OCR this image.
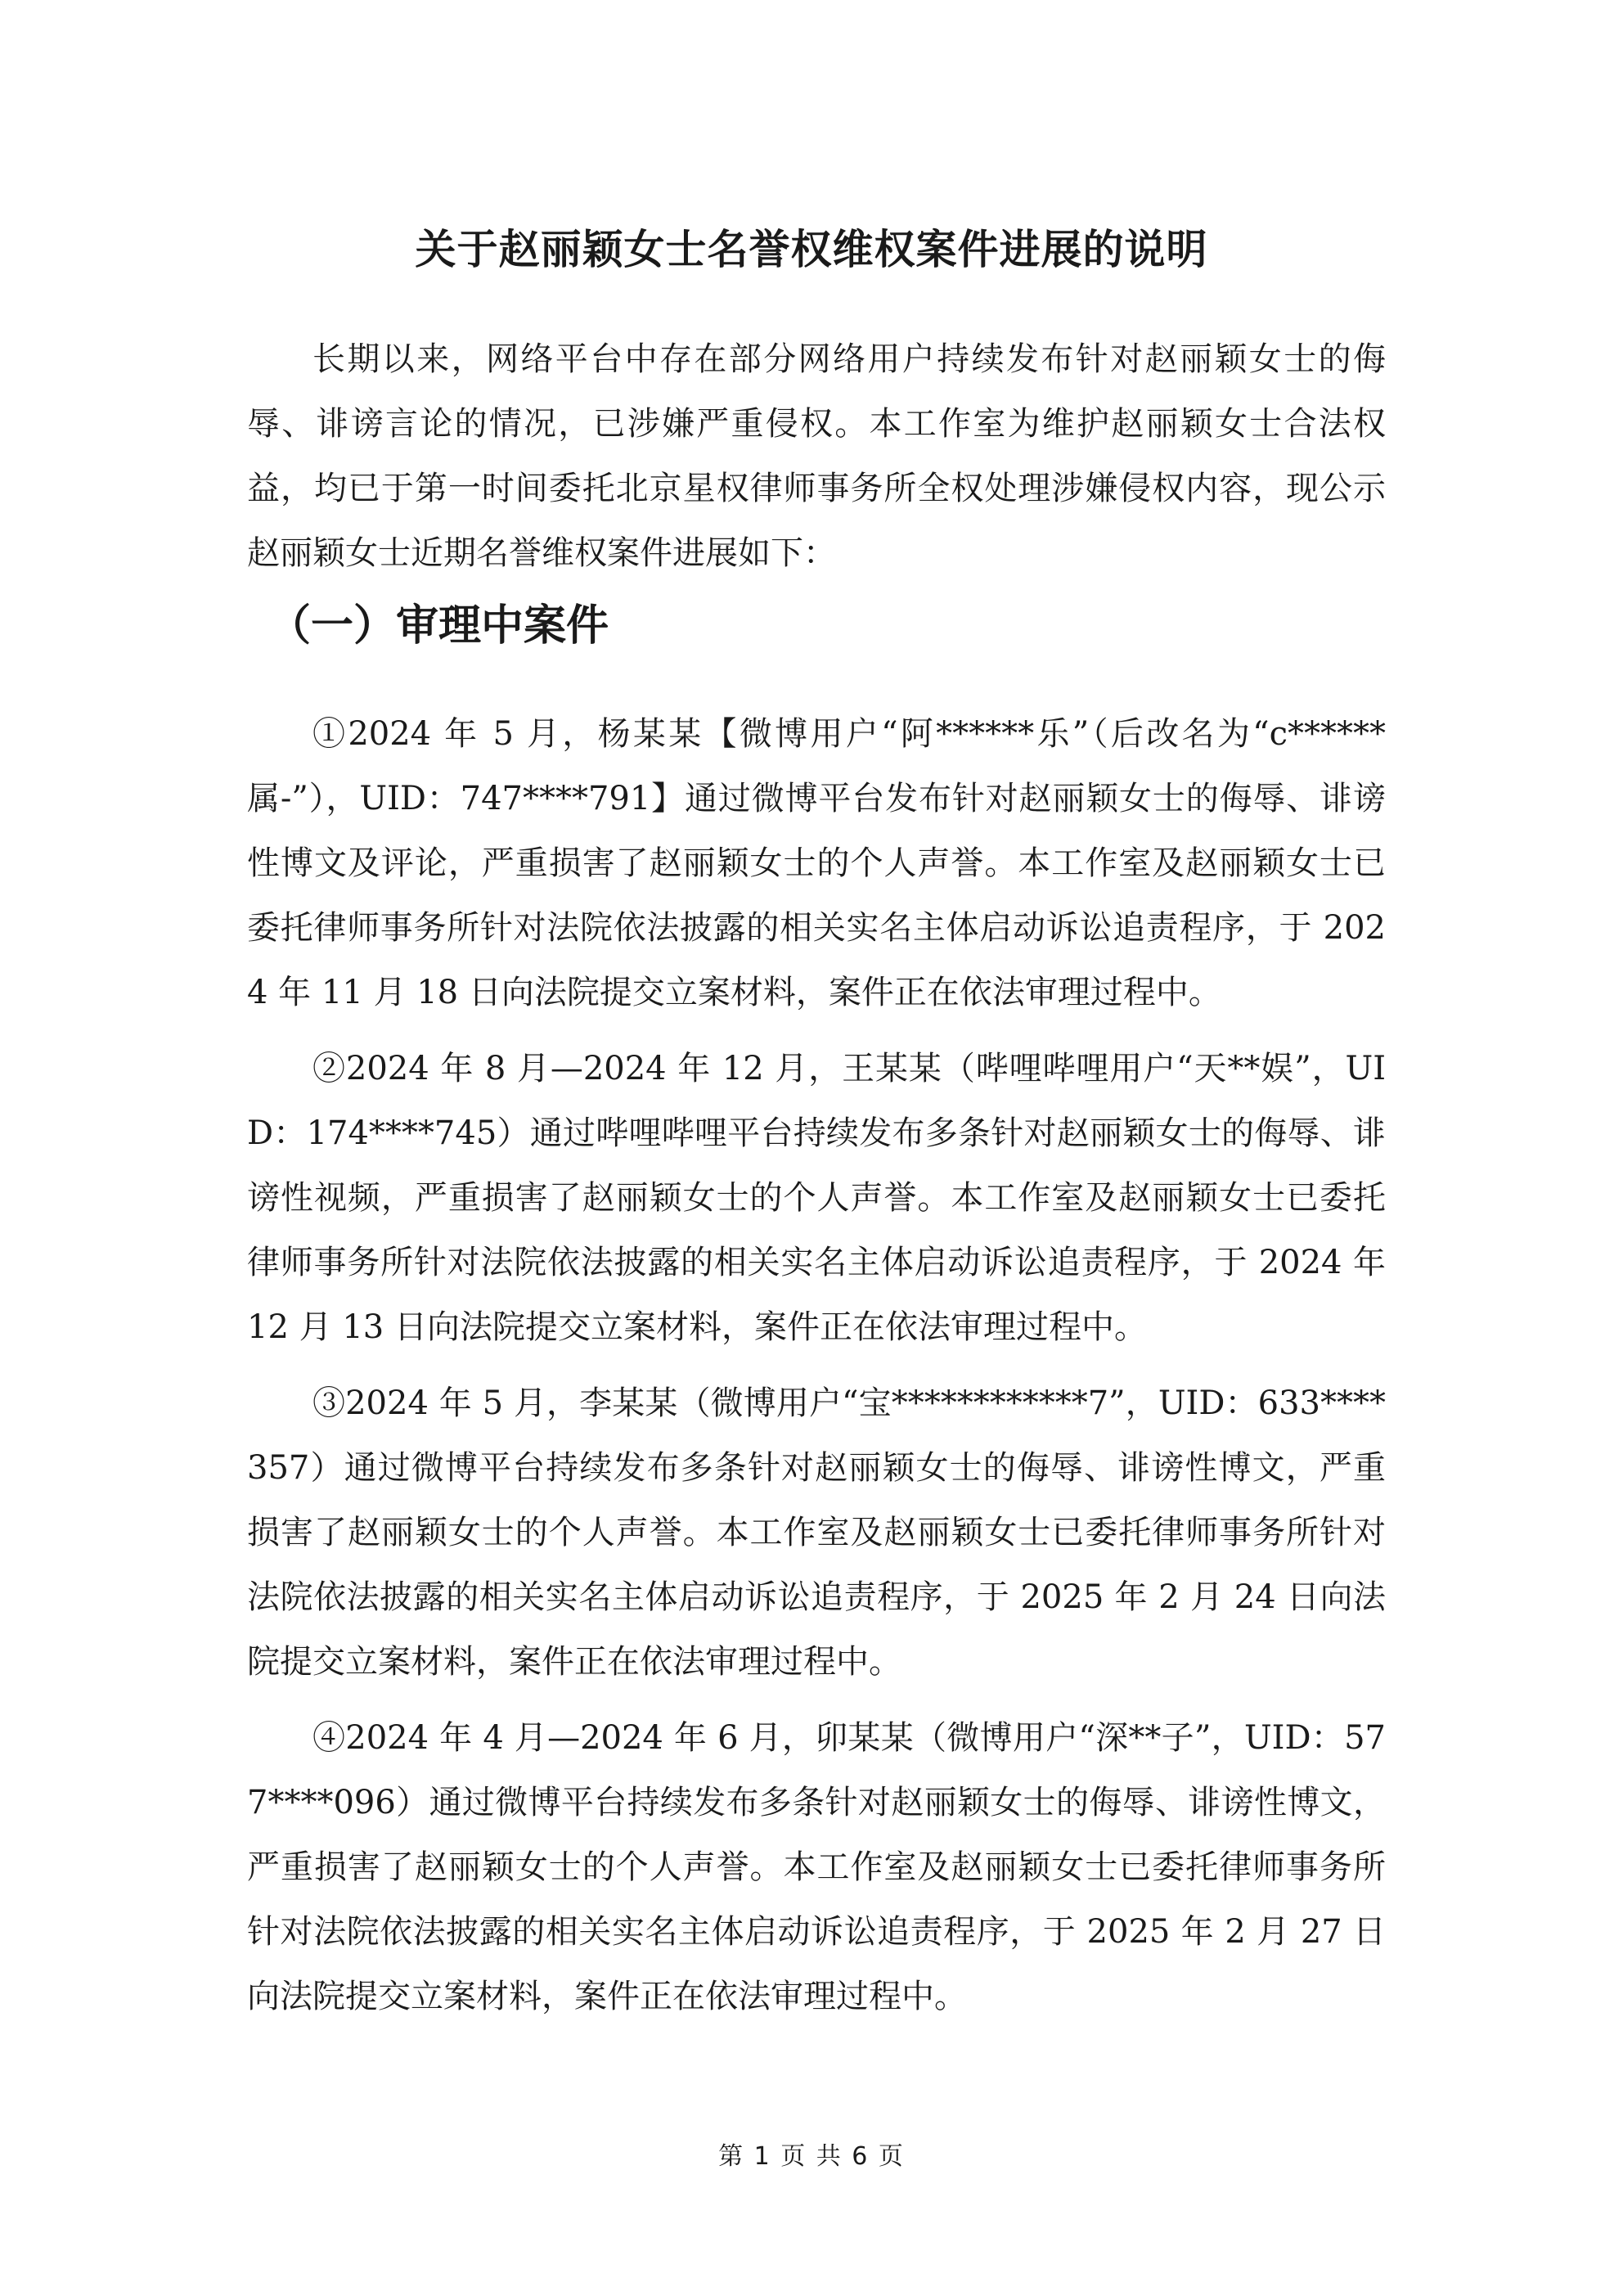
关于赵丽颖女士名誉权维权案件进展的说明

长期以来，网络平台中存在部分网络用户持续发布针对赵丽颖女士的侮辱、诽谤言论的情况，已涉嫌严重侵权。本工作室为维护赵丽颖女士合法权益，均已于第一时间委托北京星权律师事务所全权处理涉嫌侵权内容，现公示赵丽颖女士近期名誉维权案件进展如下：

（一）审理中案件

①2024 年 5 月，杨某某【微博用户“阿******乐”（后改名为“c******属-”），UID：747****791】通过微博平台发布针对赵丽颖女士的侮辱、诽谤性博文及评论，严重损害了赵丽颖女士的个人声誉。本工作室及赵丽颖女士已委托律师事务所针对法院依法披露的相关实名主体启动诉讼追责程序，于 2024 年 11 月 18 日向法院提交立案材料，案件正在依法审理过程中。

②2024 年 8 月—2024 年 12 月，王某某（哔哩哔哩用户“天**娱”，UID：174****745）通过哔哩哔哩平台持续发布多条针对赵丽颖女士的侮辱、诽谤性视频，严重损害了赵丽颖女士的个人声誉。本工作室及赵丽颖女士已委托律师事务所针对法院依法披露的相关实名主体启动诉讼追责程序，于 2024 年 12 月 13 日向法院提交立案材料，案件正在依法审理过程中。

③2024 年 5 月，李某某（微博用户“宝************7”，UID：633****357）通过微博平台持续发布多条针对赵丽颖女士的侮辱、诽谤性博文，严重损害了赵丽颖女士的个人声誉。本工作室及赵丽颖女士已委托律师事务所针对法院依法披露的相关实名主体启动诉讼追责程序，于 2025 年 2 月 24 日向法院提交立案材料，案件正在依法审理过程中。

④2024 年 4 月—2024 年 6 月，卯某某（微博用户“深**子”，UID：577****096）通过微博平台持续发布多条针对赵丽颖女士的侮辱、诽谤性博文，严重损害了赵丽颖女士的个人声誉。本工作室及赵丽颖女士已委托律师事务所针对法院依法披露的相关实名主体启动诉讼追责程序，于 2025 年 2 月 27 日向法院提交立案材料，案件正在依法审理过程中。

第 1 页 共 6 页
